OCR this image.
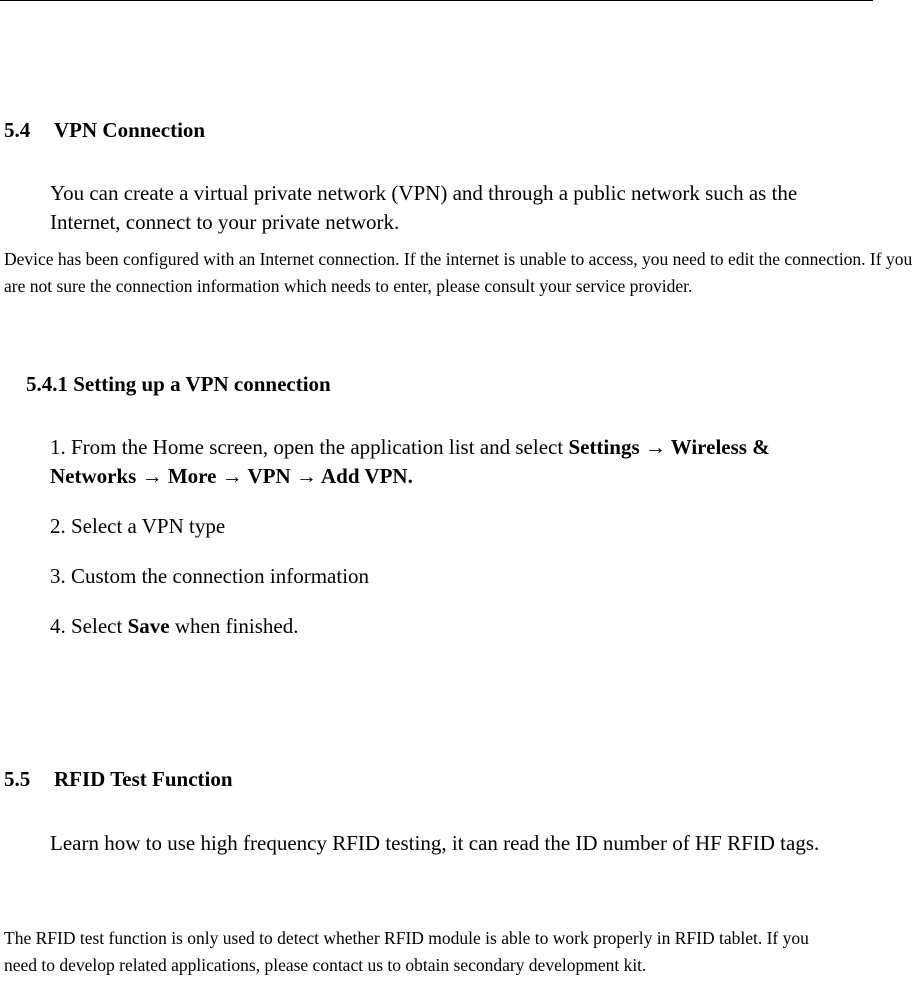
5.4 VPN Connection

You can create a virtual private network (VPN) and through a public network such as the Internet, connect to your private network.

Device has been configured with an Internet connection. If the internet is unable to access, you need to edit the connection. If you are not sure the connection information which needs to enter, please consult your service provider.

5.4.1 Setting up a VPN connection

1. From the Home screen, open the application list and select Settings → Wireless & Networks → More → VPN → Add VPN.

2. Select a VPN type

3. Custom the connection information

4. Select Save when finished.

5.5 RFID Test Function

Learn how to use high frequency RFID testing, it can read the ID number of HF RFID tags.

The RFID test function is only used to detect whether RFID module is able to work properly in RFID tablet. If you need to develop related applications, please contact us to obtain secondary development kit.
